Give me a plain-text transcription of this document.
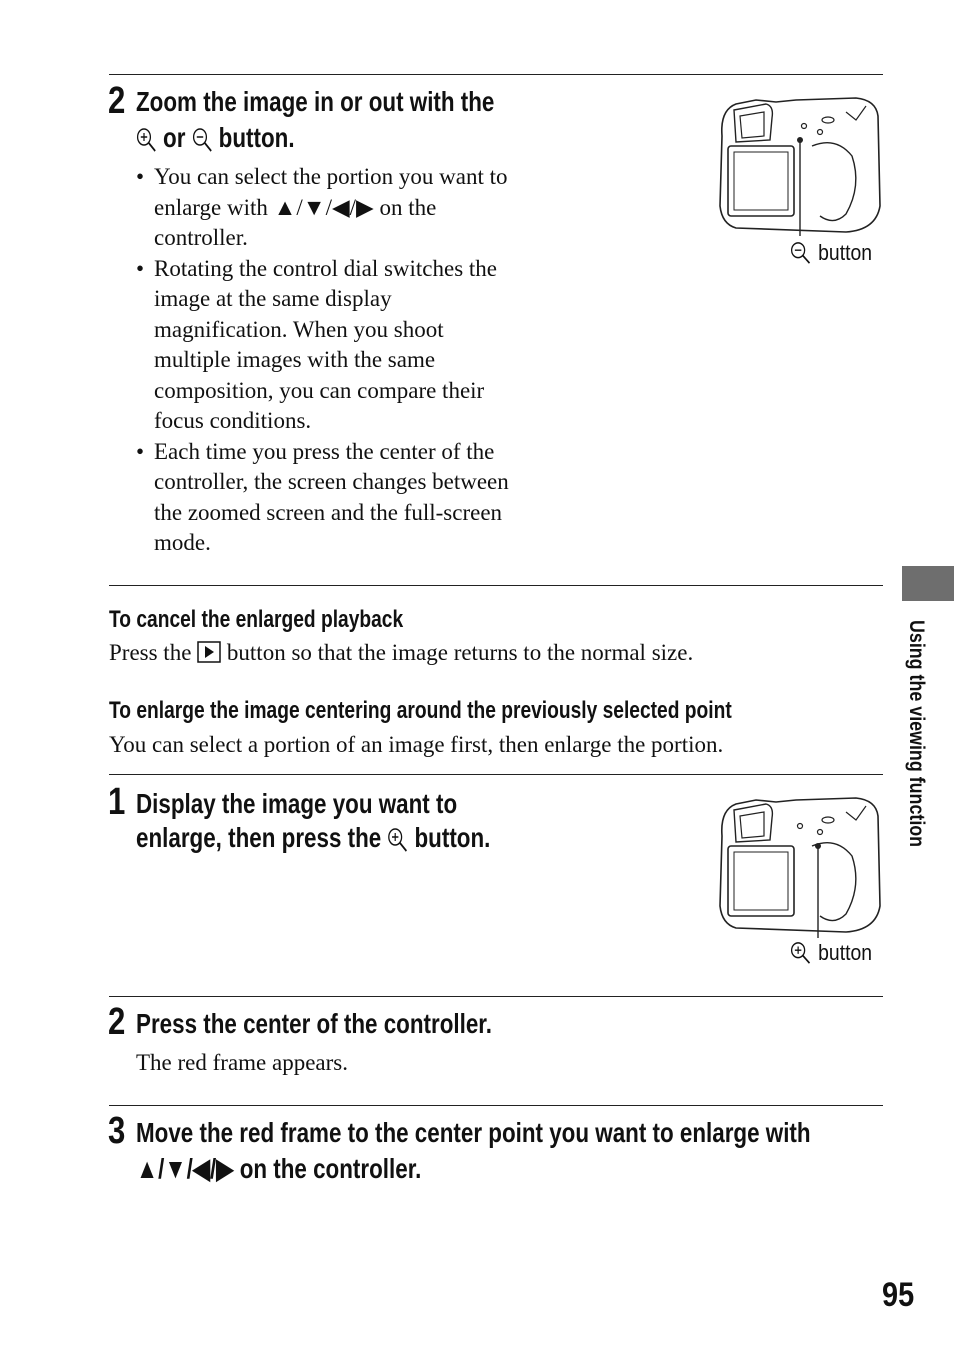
2 Zoom the image in or out with the
or button.
• You can select the portion you want to
enlarge with ▲/▼/◀/▶ on the
controller.
• Rotating the control dial switches the
image at the same display
magnification. When you shoot
multiple images with the same
composition, you can compare their
focus conditions.
• Each time you press the center of the
controller, the screen changes between
the zoomed screen and the full-screen
mode.
button
To cancel the enlarged playback
Press the button so that the image returns to the normal size.
To enlarge the image centering around the previously selected point
You can select a portion of an image first, then enlarge the portion.
1 Display the image you want to
enlarge, then press the button.
button
2 Press the center of the controller.
The red frame appears.
3 Move the red frame to the center point you want to enlarge with
▲/▼/◀/▶ on the controller.
Using the viewing function
95
